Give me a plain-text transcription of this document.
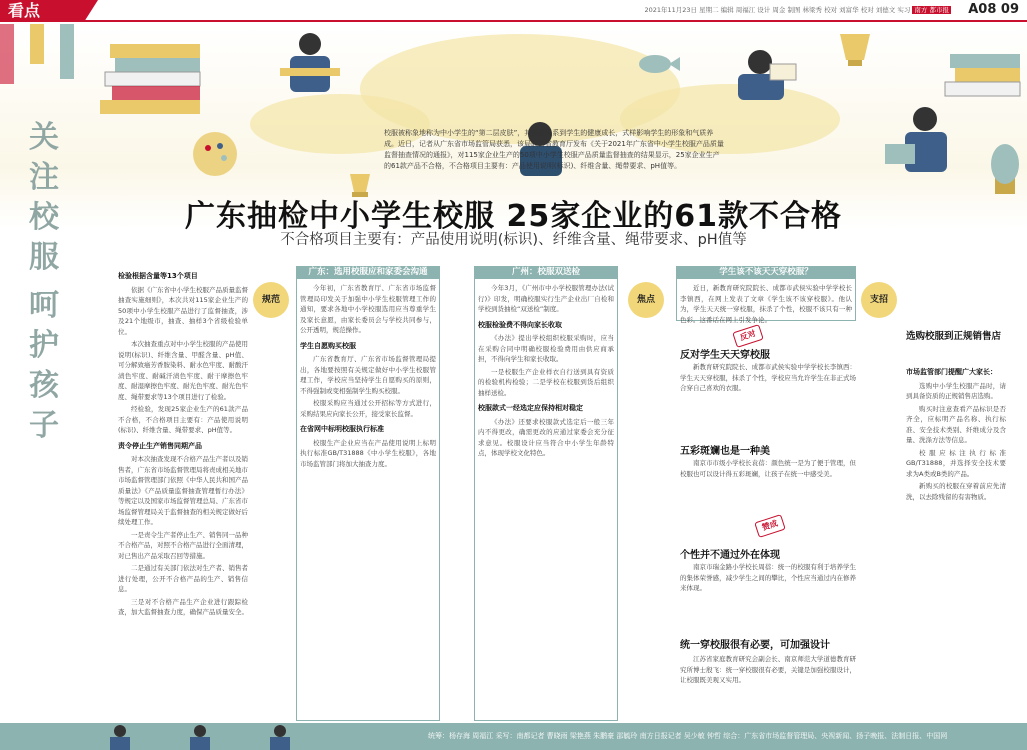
看点	2021年11月23日 星期二 编辑 周福江 设计 周金 制图 林梁秀 校对 刘富华 校对 刘德文 实习 南方 都市报 A08 09
关
注
校
服
呵
护
孩
子
校服被称象地称为中小学生的“第二层皮肤”，其质量关系到学生的健康成长，式样影响学生的形象和气质养成。近日，记者从广东省市场监管局获悉，该局联合省教育厅发布《关于2021年广东省中小学生校服产品质量监督抽查情况的通报》，对115家企业生产的50项中小学生校服产品质量监督抽查的结果显示，25家企业生产的61款产品不合格，不合格项目主要有：产品使用说明(标识)、纤维含量、绳带要求、pH值等。
广东抽检中小学生校服 25家企业的61款不合格
不合格项目主要有：产品使用说明(标识)、纤维含量、绳带要求、pH值等
检验根据含量等13个项目

依据《广东省中小学生校服产品质量监督抽查实施细则》，本次共对115家企业生产的50项中小学生校服产品进行了监督抽查，涉及21个地级市，抽查、抽样3个省级检验单位。

本次抽查重点对中小学生校服的产品使用说明(标识)、纤维含量、甲醛含量、pH值、可分解致癌芳香胺染料、耐水色牢度、耐酸汗渍色牢度、耐碱汗渍色牢度、耐干摩擦色牢度、耐湿摩擦色牢度、耐光色牢度、耐光色牢度、绳带要求等13个项目进行了检验。

经检验，发现25家企业生产的61款产品不合格，不合格项目主要有：产品使用说明(标识)、纤维含量、绳带要求、pH值等。

责令停止生产销售同期产品

对本次抽查发现不合格产品生产者以及销售者，广东省市场监督管理局将责成相关地市市场监督管理部门依照《中华人民共和国产品质量法》《产品质量监督抽查管理暂行办法》等规定以及国家市场监督管理总局、广东省市场监督管理局关于监督抽查的相关规定做好后续处理工作。

一是责令生产者停止生产、销售同一品种不合格产品，对照不合格产品进行全面清理，对已售出产品采取召回等措施。

二是通过有关部门依法对生产者、销售者进行处理，公开不合格产品的生产、销售信息。

三是对不合格产品生产企业进行跟踪检查，加大监督抽查力度，确保产品质量安全。

规范
广东：选用校服应和家委会沟通

今年初，广东省教育厅、广东省市场监督管理局印发关于加强中小学生校服管理工作的通知，要求各地中小学校服选用应当尊重学生及家长意愿，由家长委员会与学校共同参与，公开透明，规范操作。

学生自愿购买校服

广东省教育厅、广东省市场监督管理局提出，各地要按照有关规定做好中小学生校服管理工作，学校应当坚持学生自愿购买的原则，不得强制或变相强制学生购买校服。

校服采购应当通过公开招标等方式进行，采购结果应向家长公开，接受家长监督。

在省网中标明校服执行标准

校服生产企业应当在产品使用说明上标明执行标准GB/T31888《中小学生校服》，各地市场监管部门将加大抽查力度。

广州：校服双送检

今年3月，《广州市中小学校服管理办法(试行)》印发，明确校服实行生产企业出厂自检和学校到货抽检“双送检”制度。

校服检验费不得向家长收取

《办法》提出学校组织校服采购时，应当在采购合同中明确校服检验费用由供应商承担，不得向学生和家长收取。

一是校服生产企业样衣自行送到具有资质的检验机构检验；二是学校在校服到货后组织抽样送检。

校服款式一经选定应保持相对稳定

《办法》还要求校服款式选定后一般三年内不得更改，确需更改的应通过家委会充分征求意见。校服设计应当符合中小学生年龄特点，体现学校文化特色。

焦点	支招
学生该不该天天穿校服？

近日，新教育研究院院长、成都市武侯实验中学学校长李镇西，在网上发表了文章《学生该不该穿校服》。他认为，学生天天统一穿校服，抹杀了个性，校服不该只有一种色彩。这番话在网上引发争论。

反对
反对学生天天穿校服

新教育研究院院长、成都市武侯实验中学学校长李镇西：学生天天穿校服，抹杀了个性，学校应当允许学生在非正式场合穿自己喜欢的衣服。

五彩斑斓也是一种美

南京市市级小学校长袁蓓：颜色统一是为了便于管理，但校服也可以设计得五彩斑斓，让孩子在统一中感受美。

赞成
个性并不通过外在体现

南京市瑞金路小学校长周蓓：统一的校服有利于培养学生的集体荣誉感，减少学生之间的攀比，个性应当通过内在修养来体现。

统一穿校服很有必要，可加强设计

江苏省家庭教育研究会副会长、南京师范大学道德教育研究所博士殷飞：统一穿校服很有必要，关键是加强校服设计，让校服既美观又实用。

选购校服到正规销售店
市场监管部门提醒广大家长：

选购中小学生校服产品时，请到具备资质的正规销售店选购。

购买时注意查看产品标识是否齐全，应标明产品名称、执行标准、安全技术类别、纤维成分及含量、洗涤方法等信息。

校服应标注执行标准GB/T31888，并选择安全技术要求为A类或B类的产品。

新购买的校服在穿着前应先清洗，以去除残留的有害物质。

统筹：杨存海 周福江 采写：南都记者 曹晓雨 梁艳燕 朱鹏豪 邵毓玲 南方日报记者 吴少敏 钟哲 综合：广东省市场监督管理局、央视新闻、扬子晚报、法制日报、中国网
